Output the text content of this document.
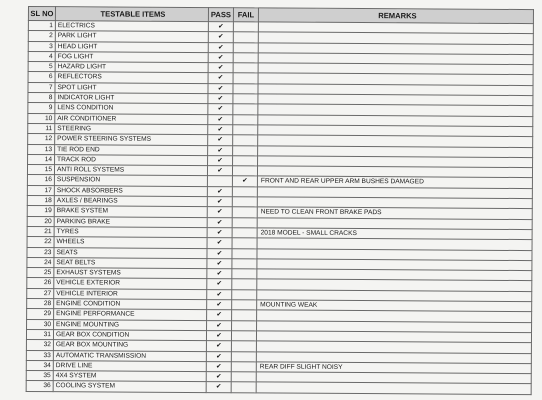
SL NO	TESTABLE ITEMS	PASS	FAIL	REMARKS
1	ELECTRICS	✔		
2	PARK LIGHT	✔		
3	HEAD LIGHT	✔		
4	FOG LIGHT	✔		
5	HAZARD LIGHT	✔		
6	REFLECTORS	✔		
7	SPOT LIGHT	✔		
8	INDICATOR LIGHT	✔		
9	LENS CONDITION	✔		
10	AIR CONDITIONER	✔		
11	STEERING	✔		
12	POWER STEERING SYSTEMS	✔		
13	TIE ROD END	✔		
14	TRACK ROD	✔		
15	ANTI ROLL SYSTEMS	✔		
16	SUSPENSION		✔	FRONT AND REAR UPPER ARM BUSHES DAMAGED
17	SHOCK ABSORBERS	✔		
18	AXLES / BEARINGS	✔		
19	BRAKE SYSTEM	✔		NEED TO CLEAN FRONT BRAKE PADS
20	PARKING BRAKE	✔		
21	TYRES	✔		2018 MODEL - SMALL CRACKS
22	WHEELS	✔		
23	SEATS	✔		
24	SEAT BELTS	✔		
25	EXHAUST SYSTEMS	✔		
26	VEHICLE EXTERIOR	✔		
27	VEHICLE INTERIOR	✔		
28	ENGINE CONDITION	✔		MOUNTING WEAK
29	ENGINE PERFORMANCE	✔		
30	ENGINE MOUNTING	✔		
31	GEAR BOX CONDITION	✔		
32	GEAR BOX MOUNTING	✔		
33	AUTOMATIC TRANSMISSION	✔		
34	DRIVE LINE	✔		REAR DIFF SLIGHT NOISY
35	4X4 SYSTEM	✔		
36	COOLING SYSTEM	✔		
